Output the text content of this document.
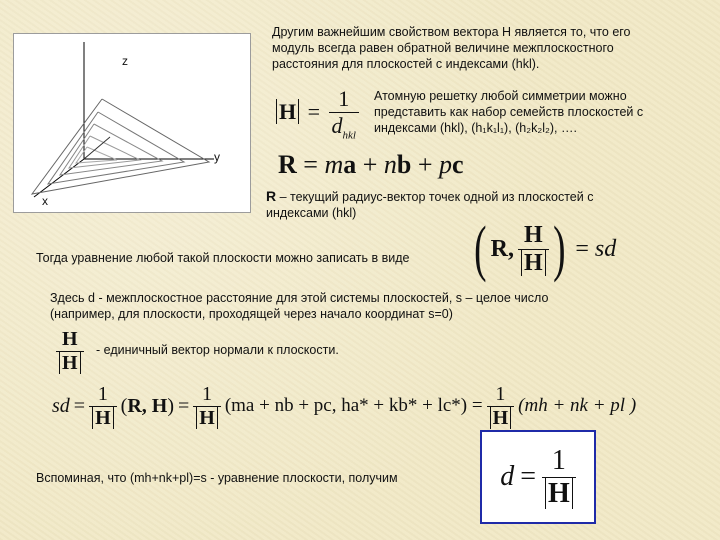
z
y
x
Другим важнейшим свойством вектора H является то, что его
модуль всегда равен обратной величине межплоскостного
расстояния для плоскостей с индексами (hkl).
$H = \frac{1}{d_{hkl}}$ Атомную решетку любой симметрии можно
представить как набор семейств плоскостей с
индексами (hkl), (h₁k₁l₁), (h₂k₂l₂), ….
R = ma + nb + pc
R – текущий радиус-вектор точек одной из плоскостей с
индексами (hkl)
Тогда уравнение любой такой плоскости можно записать в виде ( R, $\frac{H}{H}$ ) = sd
Здесь d - межплоскостное расстояние для этой системы плоскостей, s – целое число
(например, для плоскости, проходящей через начало координат s=0)
$\frac{H}{H}$ - единичный вектор нормали к плоскости.
sd = $\frac{1}{H}$ ( R, H ) = $\frac{1}{H} (ma$ + nb + pc, $ha* + kb* + lc*) = \frac{1}{H} (mh$ + nk + pl )
Вспоминая, что (mh+nk+pl)=s - уравнение плоскости, получим	$d = \frac{1}{H}$
